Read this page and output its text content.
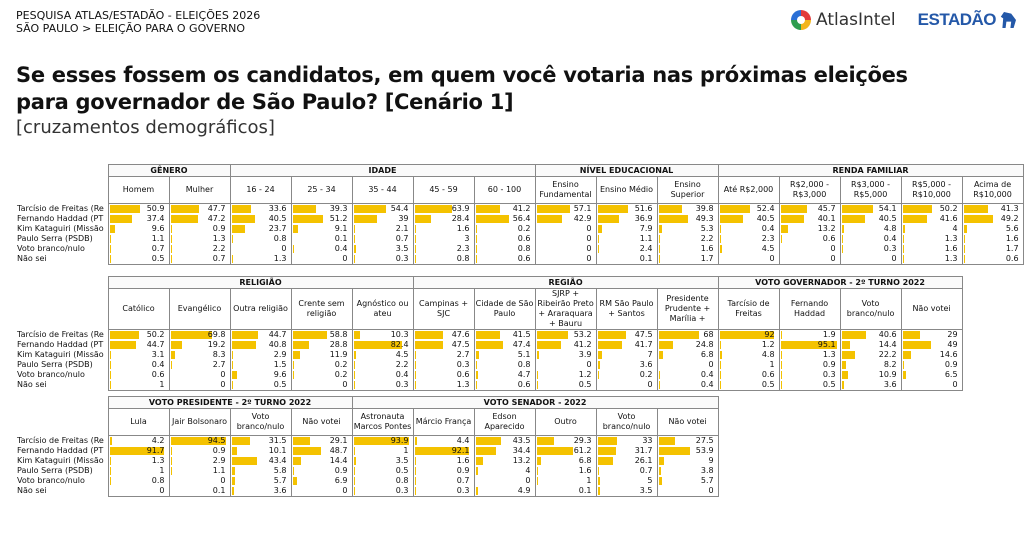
PESQUISA ATLAS/ESTADÃO - ELEIÇÕES 2026
SÃO PAULO > ELEIÇÃO PARA O GOVERNO	AtlasIntel ESTADÃO
Se esses fossem os candidatos, em quem você votaria nas próximas eleições para governador de São Paulo? [Cenário 1]
[cruzamentos demográficos]
	GÊNERO		IDADE					NÍVEL EDUCACIONAL			RENDA FAMILIAR				
	Homem	Mulher	16 - 24	25 - 34	35 - 44	45 - 59	60 - 100	Ensino Fundamental	Ensino Médio	Ensino Superior	Até R$2,000	R$2,000 - R$3,000	R$3,000 - R$5,000	R$5,000 - R$10,000	Acima de R$10,000
Tarcísio de Freitas (Re	50.9	47.7	33.6	39.3	54.4	63.9	41.2	57.1	51.6	39.8	52.4	45.7	54.1	50.2	41.3

Fernando Haddad (PT	37.4	47.2	40.5	51.2	39	28.4	56.4	42.9	36.9	49.3	40.5	40.1	40.5	41.6	49.2

Kim Kataguiri (Missão	9.6	0.9	23.7	9.1	2.1	1.6	0.2	0	7.9	5.3	0.4	13.2	4.8	4	5.6

Paulo Serra (PSDB)	1.1	1.3	0.8	0.1	0.7	3	0.6	0	1.1	2.2	2.3	0.6	0.4	1.3	1.6

Voto branco/nulo	0.7	2.2	0	0.4	3.5	2.3	0.8	0	2.4	1.6	4.5	0	0.3	1.6	1.7

Não sei	0.5	0.7	1.3	0	0.3	0.8	0.6	0	0.1	1.7	0	0	0	1.3	0.6
	RELIGIÃO					REGIÃO					VOTO GOVERNADOR - 2º TURNO 2022			
	Católico	Evangélico	Outra religião	Crente sem religião	Agnóstico ou ateu	Campinas + SJC	Cidade de São Paulo	SJRP + Ribeirão Preto + Araraquara + Bauru	RM São Paulo + Santos	Presidente Prudente + Marília +	Tarcísio de Freitas	Fernando Haddad	Voto branco/nulo	Não votei
Tarcísio de Freitas (Re	50.2	69.8	44.7	58.8	10.3	47.6	41.5	53.2	47.5	68	92	1.9	40.6	29

Fernando Haddad (PT	44.7	19.2	40.8	28.8	82.4	47.5	47.4	41.2	41.7	24.8	1.2	95.1	14.4	49

Kim Kataguiri (Missão	3.1	8.3	2.9	11.9	4.5	2.7	5.1	3.9	7	6.8	4.8	1.3	22.2	14.6

Paulo Serra (PSDB)	0.4	2.7	1.5	0.2	2.2	0.3	0.8	0	3.6	0	1	0.9	8.2	0.9

Voto branco/nulo	0.6	0	9.6	0.2	0.4	0.6	4.7	1.2	0.2	0.4	0.6	0.3	10.9	6.5

Não sei	1	0	0.5	0	0.3	1.3	0.6	0.5	0	0.4	0.5	0.5	3.6	0
	VOTO PRESIDENTE - 2º TURNO 2022				VOTO SENADOR - 2022					
	Lula	Jair Bolsonaro	Voto branco/nulo	Não votei	Astronauta Marcos Pontes	Márcio França	Edson Aparecido	Outro	Voto branco/nulo	Não votei
Tarcísio de Freitas (Re	4.2	94.5	31.5	29.1	93.9	4.4	43.5	29.3	33	27.5

Fernando Haddad (PT	91.7	0.9	10.1	48.7	1	92.1	34.4	61.2	31.7	53.9

Kim Kataguiri (Missão	1.3	2.9	43.4	14.4	3.5	1.6	13.2	6.8	26.1	9

Paulo Serra (PSDB)	1	1.1	5.8	0.9	0.5	0.9	4	1.6	0.7	3.8

Voto branco/nulo	0.8	0	5.7	6.9	0.8	0.7	0	1	5	5.7

Não sei	0	0.1	3.6	0	0.3	0.3	4.9	0.1	3.5	0
